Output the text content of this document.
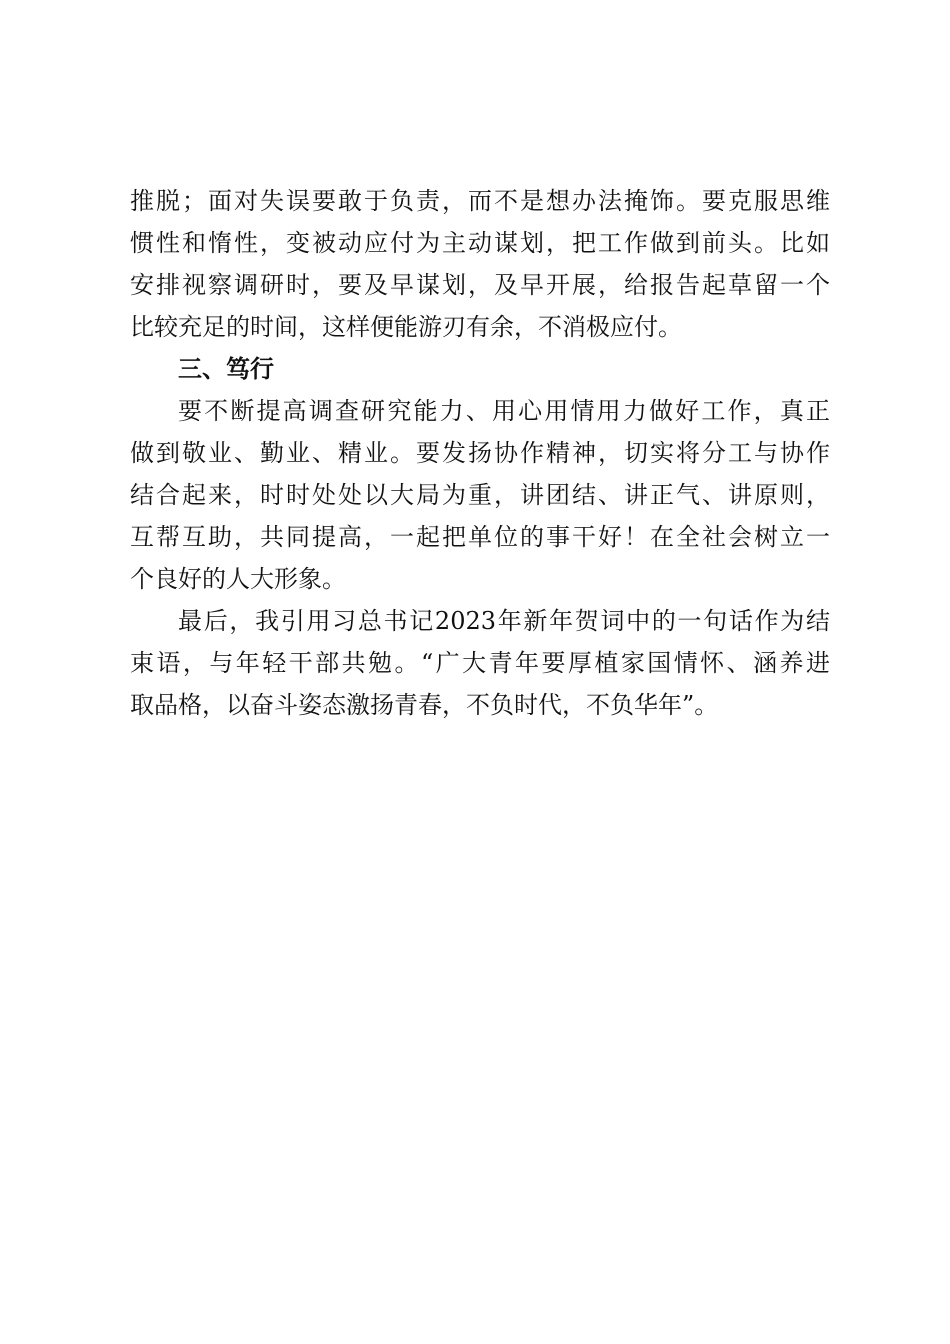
推脱；面对失误要敢于负责，而不是想办法掩饰。要克服思维
惯性和惰性，变被动应付为主动谋划，把工作做到前头。比如
安排视察调研时，要及早谋划，及早开展，给报告起草留一个
比较充足的时间，这样便能游刃有余，不消极应付。
三、笃行
要不断提高调查研究能力、用心用情用力做好工作，真正
做到敬业、勤业、精业。要发扬协作精神，切实将分工与协作
结合起来，时时处处以大局为重，讲团结、讲正气、讲原则，
互帮互助，共同提高，一起把单位的事干好！在全社会树立一
个良好的人大形象。
最后，我引用习总书记2023年新年贺词中的一句话作为结
束语，与年轻干部共勉。“广大青年要厚植家国情怀、涵养进
取品格，以奋斗姿态激扬青春，不负时代，不负华年”。
